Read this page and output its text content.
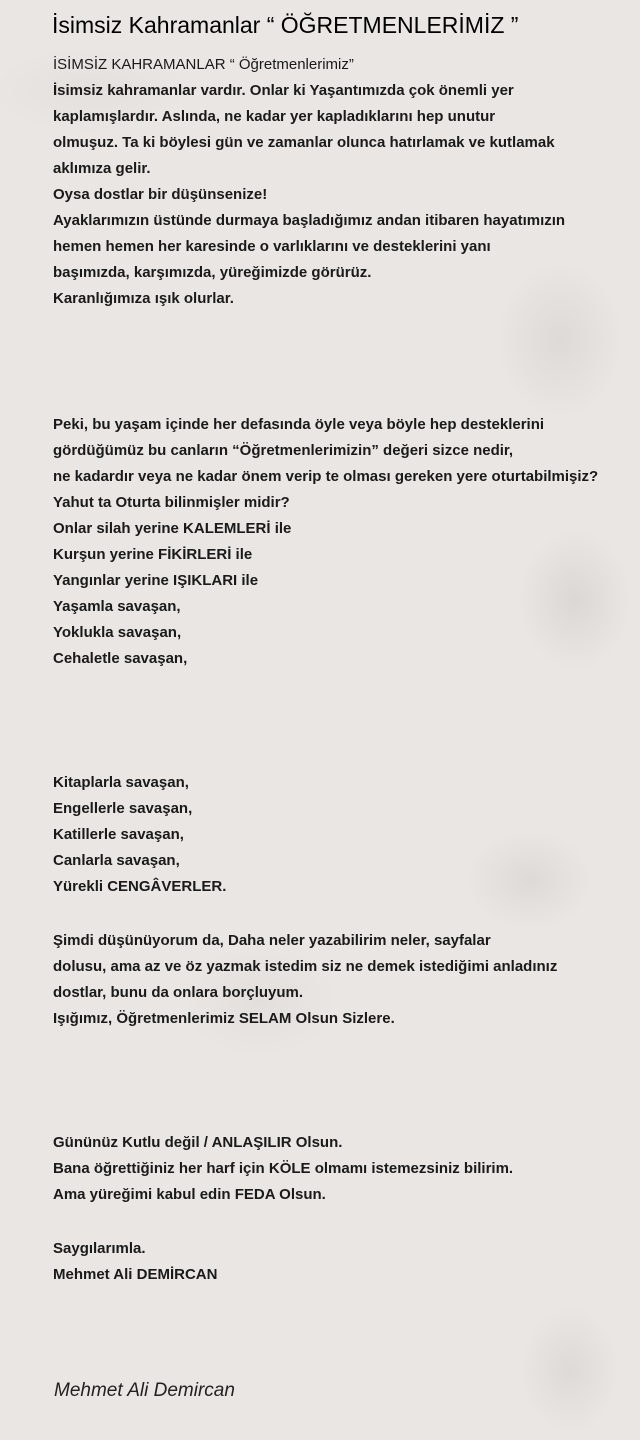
İsimsiz Kahramanlar “ ÖĞRETMENLERİMİZ ”
İSİMSİZ KAHRAMANLAR “ Öğretmenlerimiz”
İsimsiz kahramanlar vardır. Onlar ki Yaşantımızda çok önemli yer
kaplamışlardır. Aslında, ne kadar yer kapladıklarını hep unutur
olmuşuz. Ta ki böylesi gün ve zamanlar olunca hatırlamak ve kutlamak
aklımıza gelir.
Oysa dostlar bir düşünsenize!
Ayaklarımızın üstünde durmaya başladığımız andan itibaren hayatımızın
hemen hemen her karesinde o varlıklarını ve desteklerini yanı
başımızda, karşımızda, yüreğimizde görürüz.
Karanlığımıza ışık olurlar.
Peki, bu yaşam içinde her defasında öyle veya böyle hep desteklerini
gördüğümüz bu canların “Öğretmenlerimizin” değeri sizce nedir,
ne kadardır veya ne kadar önem verip te olması gereken yere oturtabilmişiz?
Yahut ta Oturta bilinmişler midir?
Onlar silah yerine KALEMLERİ ile
Kurşun yerine FİKİRLERİ ile
Yangınlar yerine IŞIKLARI ile
Yaşamla savaşan,
Yoklukla savaşan,
Cehaletle savaşan,
Kitaplarla savaşan,
Engellerle savaşan,
Katillerle savaşan,
Canlarla savaşan,
Yürekli CENGÂVERLER.
Şimdi düşünüyorum da, Daha neler yazabilirim neler, sayfalar
dolusu, ama az ve öz yazmak istedim siz ne demek istediğimi anladınız
dostlar, bunu da onlara borçluyum.
Işığımız, Öğretmenlerimiz SELAM Olsun Sizlere.
Gününüz Kutlu değil / ANLAŞILIR Olsun.
Bana öğrettiğiniz her harf için KÖLE olmamı istemezsiniz bilirim.
Ama yüreğimi kabul edin FEDA Olsun.
Saygılarımla.
Mehmet Ali DEMİRCAN
Mehmet Ali Demircan
